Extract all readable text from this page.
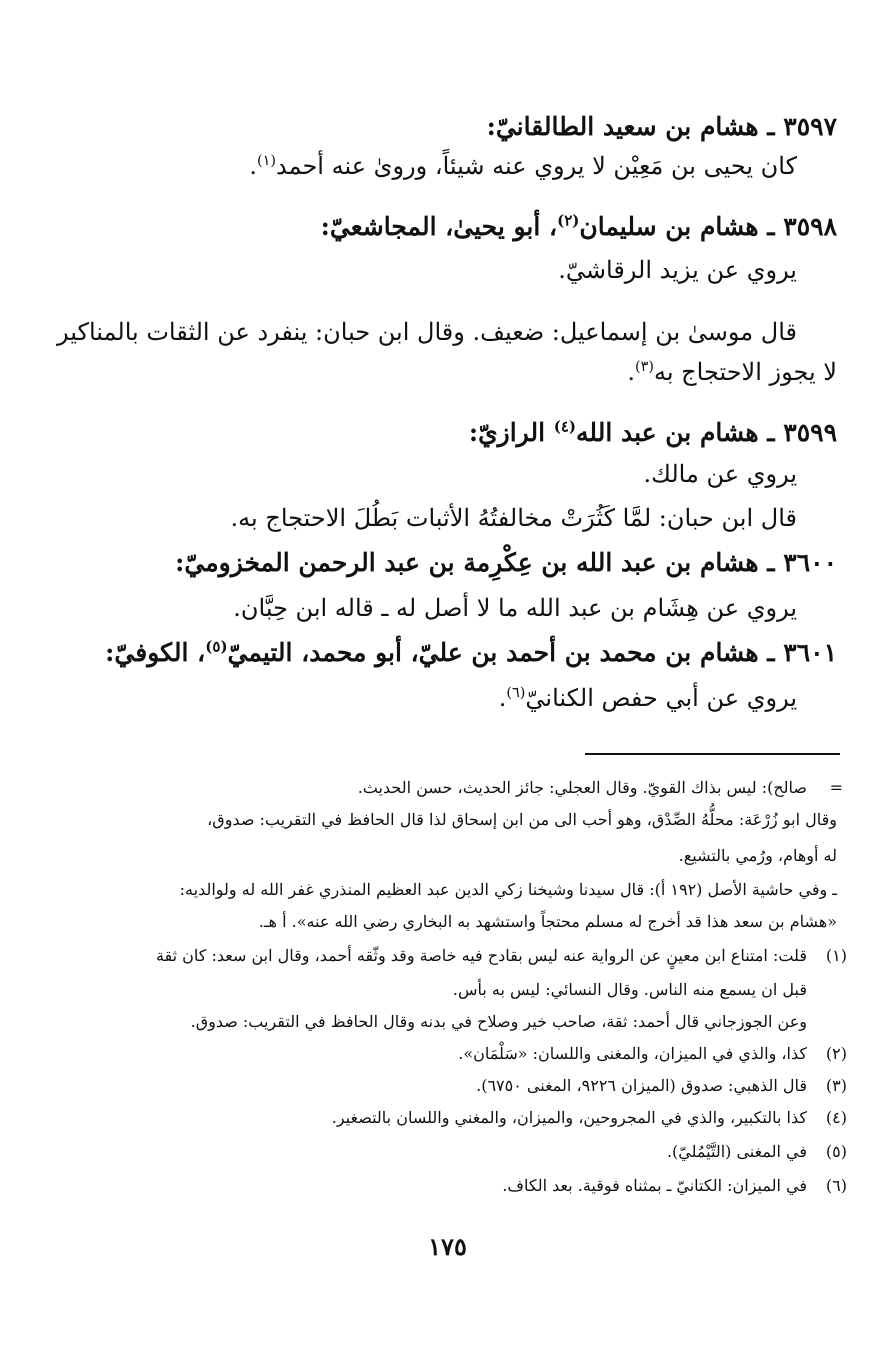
٣٥٩٧ ـ هشام بن سعيد الطالقانيّ:
كان يحيى بن مَعِيْن لا يروي عنه شيئاً، وروىٰ عنه أحمد$^{(١)}$.
٣٥٩٨ ـ هشام بن سليمان$^{(٢)}$، أبو يحيىٰ، المجاشعيّ:
يروي عن يزيد الرقاشيّ.
قال موسىٰ بن إسماعيل: ضعيف. وقال ابن حبان: ينفرد عن الثقات بالمناكير
لا يجوز الاحتجاج به$^{(٣)}$.
٣٥٩٩ ـ هشام بن عبد الله$^{(٤)}$ الرازيّ:
يروي عن مالك.
قال ابن حبان: لمَّا كَثُرَتْ مخالفتُهُ الأثبات بَطُلَ الاحتجاج به.
٣٦٠٠ ـ هشام بن عبد الله بن عِكْرِمة بن عبد الرحمن المخزوميّ:
يروي عن هِشَام بن عبد الله ما لا أصل له ـ قاله ابن حِبَّان.
٣٦٠١ ـ هشام بن محمد بن أحمد بن عليّ، أبو محمد، التيميّ$^{(٥)}$، الكوفيّ:
يروي عن أبي حفص الكنانيّ$^{(٦)}$.
=
صالح): ليس بذاك القويّ. وقال العجلي: جائز الحديث، حسن الحديث.
وقال ابو زُرْعَة: محلُّهُ الصِّدْق، وهو أحب الى من ابن إسحاق لذا قال الحافظ في التقريب: صدوق،
له أوهام، ورُمي بالتشيع.
ـ وفي حاشية الأصل (١٩٢ أ): قال سيدنا وشيخنا زكي الدين عبد العظيم المنذري غفر الله له ولوالديه:
«هشام بن سعد هذا قد أخرج له مسلم محتجاً واستشهد به البخاري رضي الله عنه». أ هـ.
(١)
قلت: امتناع ابن معينٍ عن الرواية عنه ليس بقادح فيه خاصة وقد وثّقه أحمد، وقال ابن سعد: كان ثقة
قبل ان يسمع منه الناس. وقال النسائي: ليس به بأس.
وعن الجوزجاني قال أحمد: ثقة، صاحب خير وصلاح في بدنه وقال الحافظ في التقريب: صدوق.
(٢)
كذا، والذي في الميزان، والمغنى واللسان: «سَلْمَان».
(٣)
قال الذهبي: صدوق (الميزان ٩٢٢٦، المغنى ٦٧٥٠).
(٤)
كذا بالتكبير، والذي في المجروحين، والميزان، والمغني واللسان بالتصغير.
(٥)
في المغنى (التَّيْمُليّ).
(٦)
في الميزان: الكتانيّ ـ بمثناه فوقية. بعد الكاف.
١٧٥
